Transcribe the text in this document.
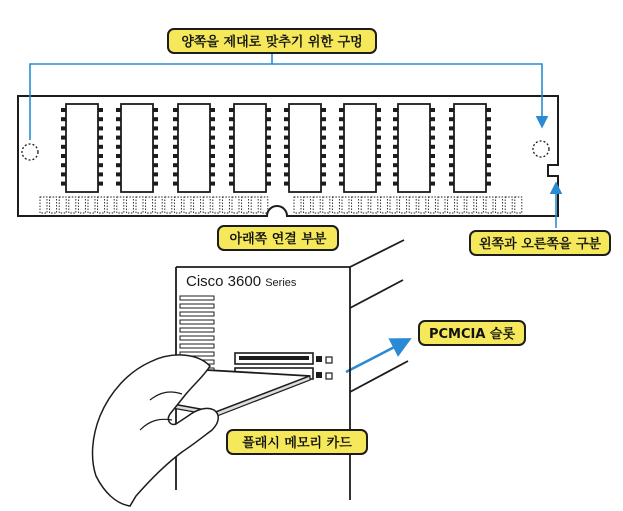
Cisco 3600 Series
양쪽을 제대로 맞추기 위한 구멍
아래쪽 연결 부분	왼쪽과 오른쪽을 구분
PCMCIA 슬롯
플래시 메모리 카드
